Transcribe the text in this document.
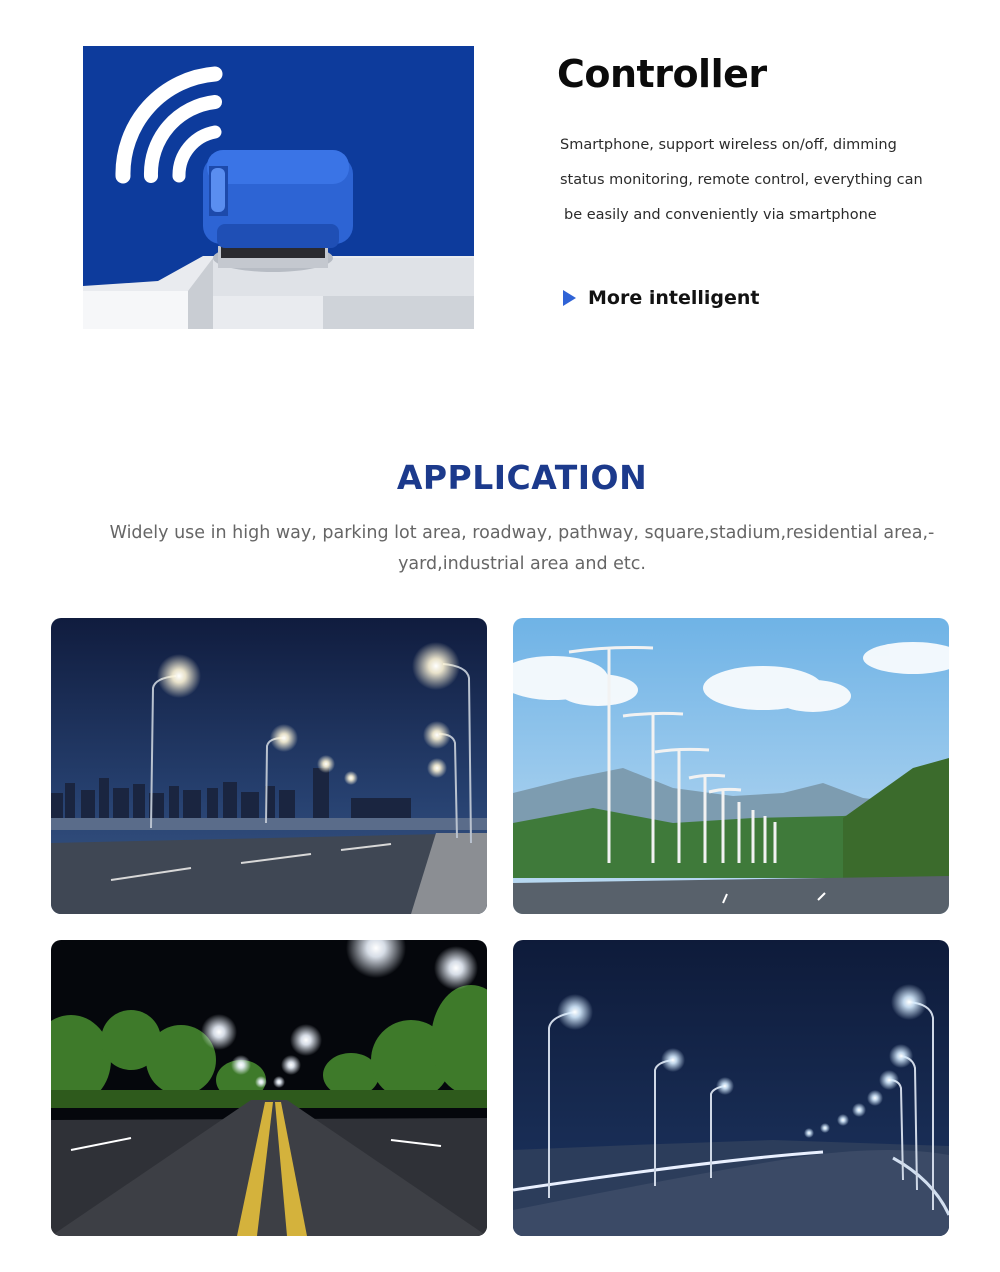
Controller
Smartphone, support wireless on/off, dimming
status monitoring, remote control, everything can
be easily and conveniently via smartphone
More intelligent
APPLICATION
Widely use in high way, parking lot area, roadway, pathway, square,stadium,residential area,-
yard,industrial area and etc.
